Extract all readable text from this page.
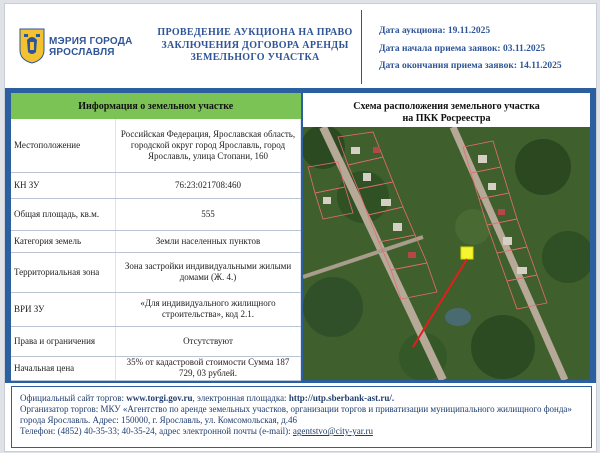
МЭРИЯ ГОРОДА
ЯРОСЛАВЛЯ
ПРОВЕДЕНИЕ АУКЦИОНА НА ПРАВО
ЗАКЛЮЧЕНИЯ ДОГОВОРА АРЕНДЫ
ЗЕМЕЛЬНОГО УЧАСТКА
Дата аукциона: 19.11.2025
Дата начала приема заявок: 03.11.2025
Дата окончания приема заявок: 14.11.2025
Информация о земельном участке	
Местоположение	Российская Федерация, Ярославская область, городской округ город Ярославль, город Ярославль, улица Стопани, 160
КН ЗУ	76:23:021708:460
Общая площадь, кв.м.	555
Категория земель	Земли населенных пунктов
Территориальная зона	Зона застройки индивидуальными жилыми домами (Ж. 4.)
ВРИ ЗУ	«Для индивидуального жилищного строительства», код 2.1.
Права и ограничения	Отсутствуют
Начальная цена	35% от кадастровой стоимости Сумма 187 729, 03 рублей.
Схема расположения земельного участка
на ПКК Росреестра

Официальный сайт торгов: www.torgi.gov.ru, электронная площадка: http://utp.sberbank-ast.ru/.

Организатор торгов: МКУ «Агентство по аренде земельных участков, организации торгов и приватизации муниципального жилищного фонда» города Ярославль. Адрес: 150000, г. Ярославль, ул. Комсомольская, д.46

Телефон: (4852) 40-35-33; 40-35-24, адрес электронной почты (e-mail): agentstvo@city-yar.ru
